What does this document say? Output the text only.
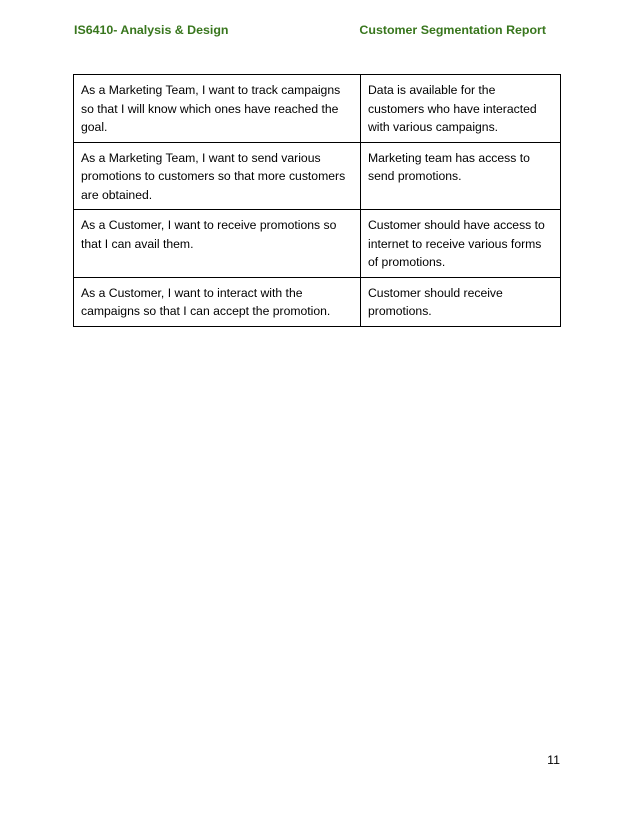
IS6410- Analysis & Design	Customer Segmentation Report
As a Marketing Team, I want to track campaigns so that I will know which ones have reached the goal.	Data is available for the customers who have interacted with various campaigns.
As a Marketing Team, I want to send various promotions to customers so that more customers are obtained.	Marketing team has access to send promotions.
As a Customer, I want to receive promotions so that I can avail them.	Customer should have access to internet to receive various forms of promotions.
As a Customer, I want to interact with the campaigns so that I can accept the promotion.	Customer should receive promotions.
11
